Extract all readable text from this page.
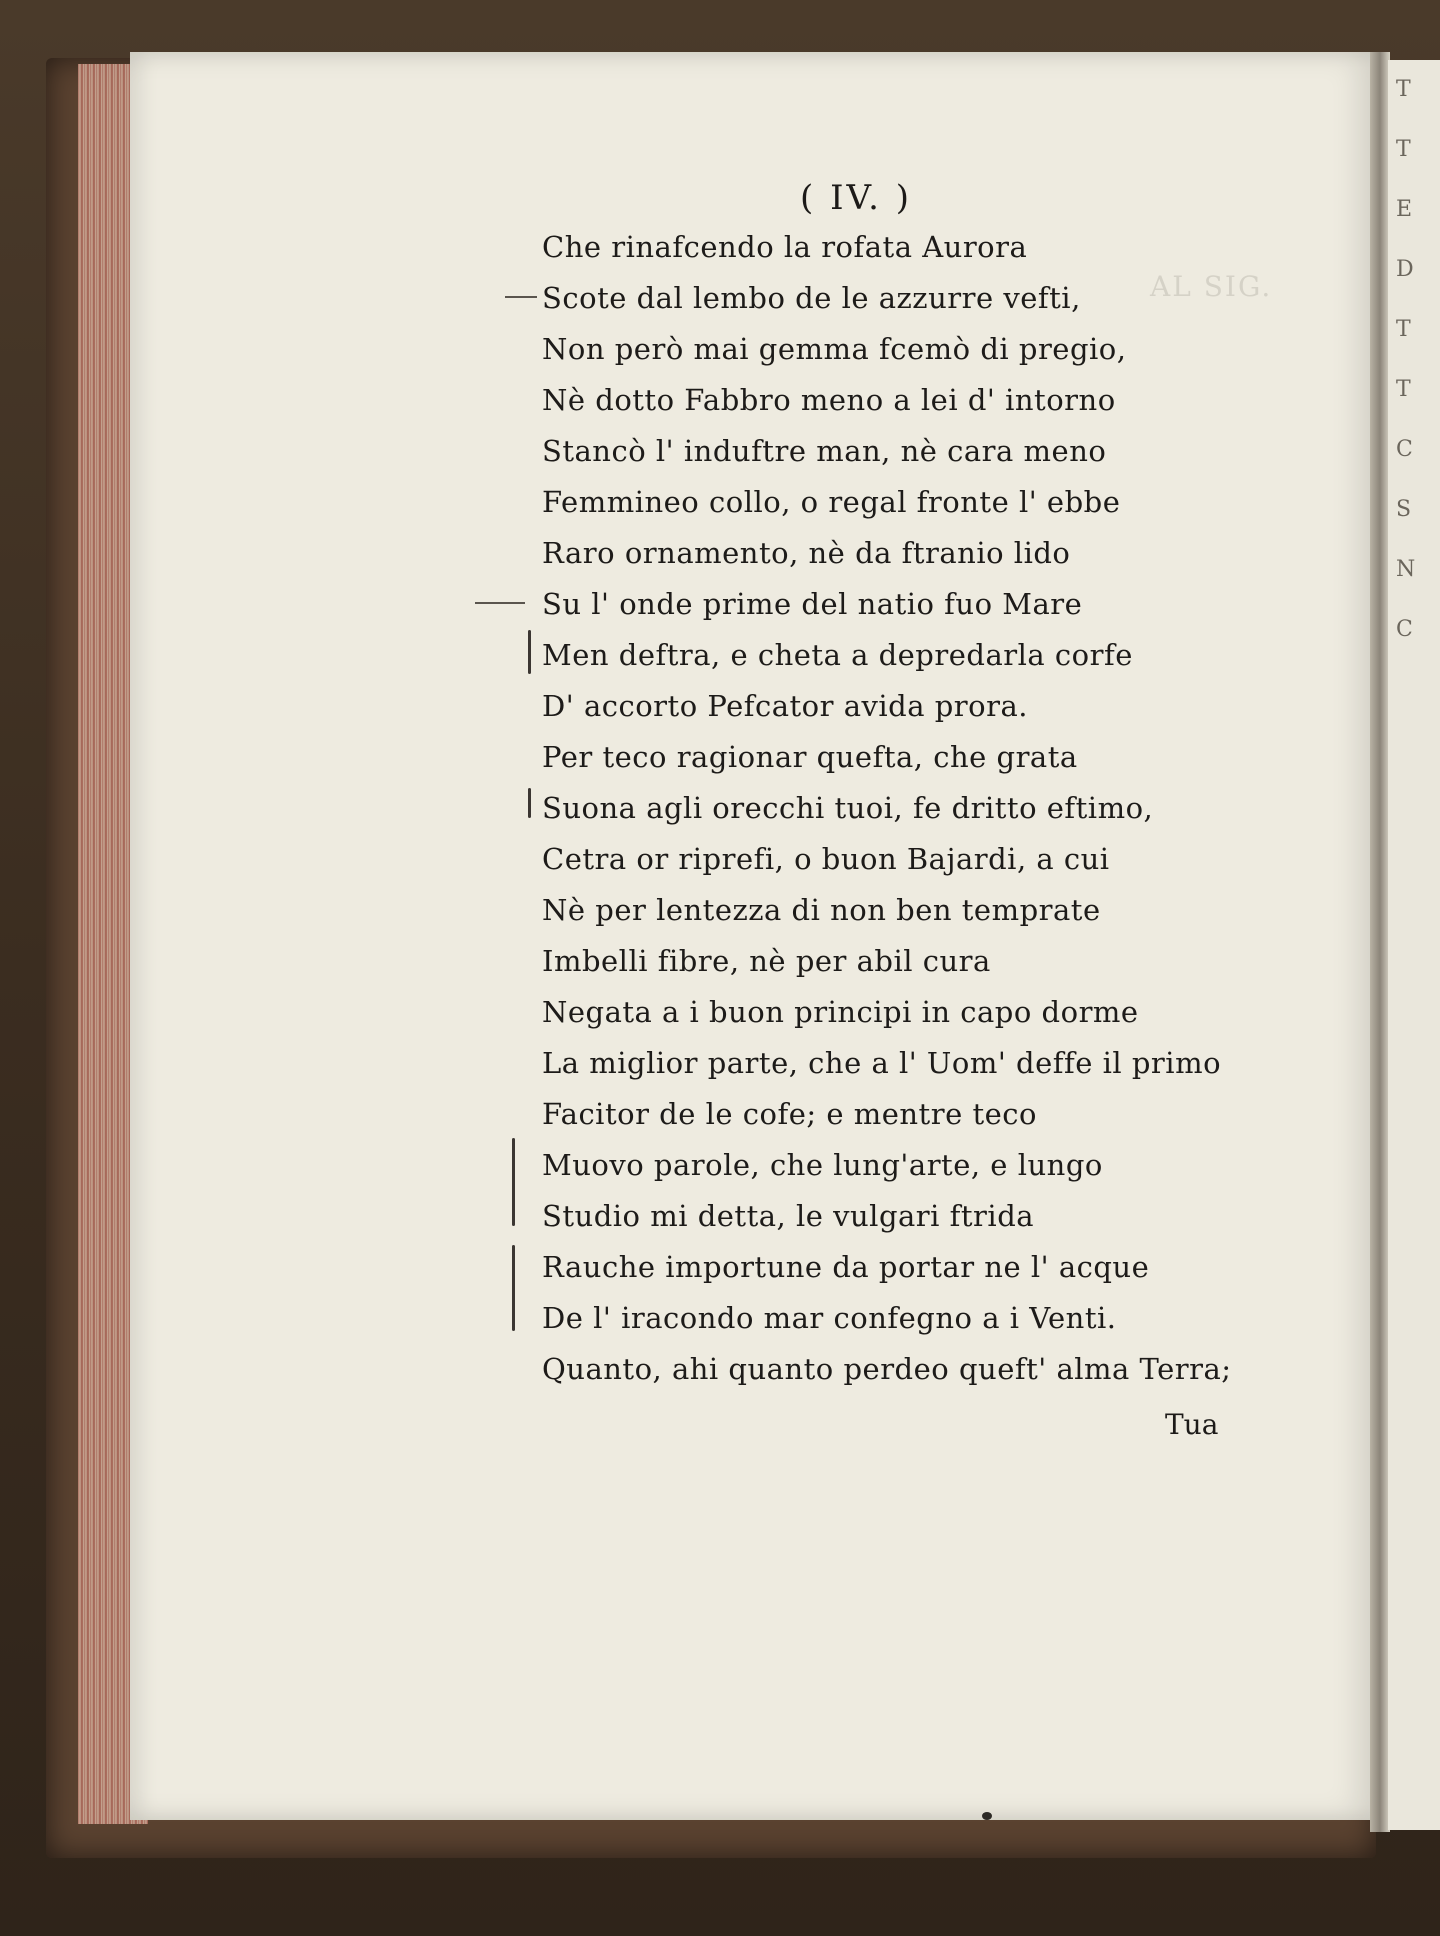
T
T
E
D
T
T
C
S
N
C
AL SIG.
( IV. )
Che rinafcendo la rofata Aurora
Scote dal lembo de le azzurre vefti,
Non però mai gemma fcemò di pregio,
Nè dotto Fabbro meno a lei d' intorno
Stancò l' induftre man, nè cara meno
Femmineo collo, o regal fronte l' ebbe
Raro ornamento, nè da ftranio lido
Su l' onde prime del natio fuo Mare
Men deftra, e cheta a depredarla corfe
D' accorto Pefcator avida prora.
Per teco ragionar quefta, che grata
Suona agli orecchi tuoi, fe dritto eftimo,
Cetra or riprefi, o buon Bajardi, a cui
Nè per lentezza di non ben temprate
Imbelli fibre, nè per abil cura
Negata a i buon principi in capo dorme
La miglior parte, che a l' Uom' deffe il primo
Facitor de le cofe; e mentre teco
Muovo parole, che lung'arte, e lungo
Studio mi detta, le vulgari ftrida
Rauche importune da portar ne l' acque
De l' iracondo mar confegno a i Venti.
Quanto, ahi quanto perdeo queft' alma Terra;
Tua
